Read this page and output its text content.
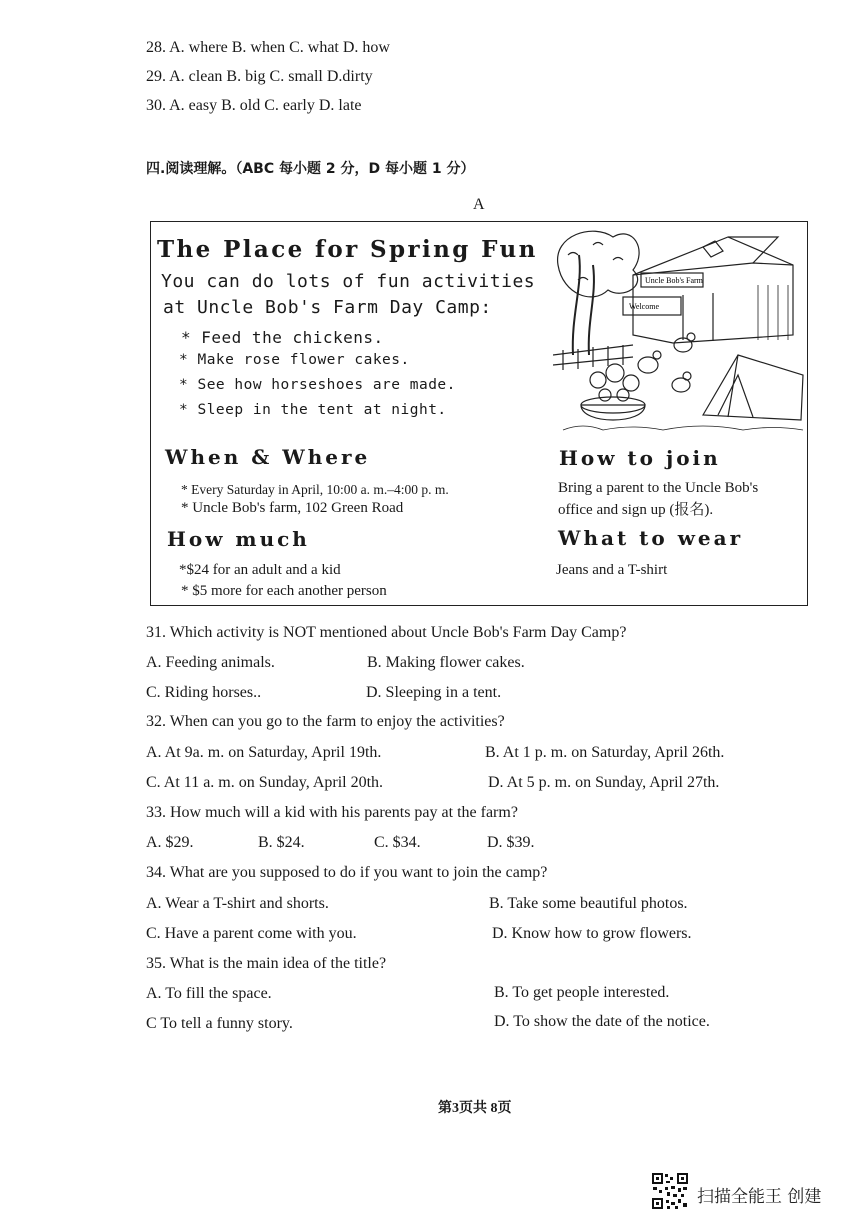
28. A. where B. when C. what D. how
29. A. clean B. big C. small D.dirty
30. A. easy B. old C. early D. late
四.阅读理解。（ABC 每小题 2 分，D 每小题 1 分）
A
The Place for Spring Fun
You can do lots of fun activities
at Uncle Bob's Farm Day Camp:
* Feed the chickens.
* Make rose flower cakes.
* See how horseshoes are made.
* Sleep in the tent at night.
Uncle Bob's Farm
Welcome
When & Where
* Every Saturday in April, 10:00 a. m.–4:00 p. m.
* Uncle Bob's farm, 102 Green Road
How much
*$24 for an adult and a kid
* $5 more for each another person
How to join
Bring a parent to the Uncle Bob's
office and sign up (报名).
What to wear
Jeans and a T-shirt
31. Which activity is NOT mentioned about Uncle Bob's Farm Day Camp?
A. Feeding animals.	B. Making flower cakes.
C. Riding horses..	D. Sleeping in a tent.
32. When can you go to the farm to enjoy the activities?
A. At 9a. m. on Saturday, April 19th.	B. At 1 p. m. on Saturday, April 26th.
C. At 11 a. m. on Sunday, April 20th.	D. At 5 p. m. on Sunday, April 27th.
33. How much will a kid with his parents pay at the farm?
A. $29.	B. $24.	C. $34.	D. $39.
34. What are you supposed to do if you want to join the camp?
A. Wear a T-shirt and shorts.	B. Take some beautiful photos.
C. Have a parent come with you.	D. Know how to grow flowers.
35. What is the main idea of the title?
A. To fill the space.	B. To get people interested.
C To tell a funny story.	D. To show the date of the notice.
第3页共 8页
扫描全能王 创建
